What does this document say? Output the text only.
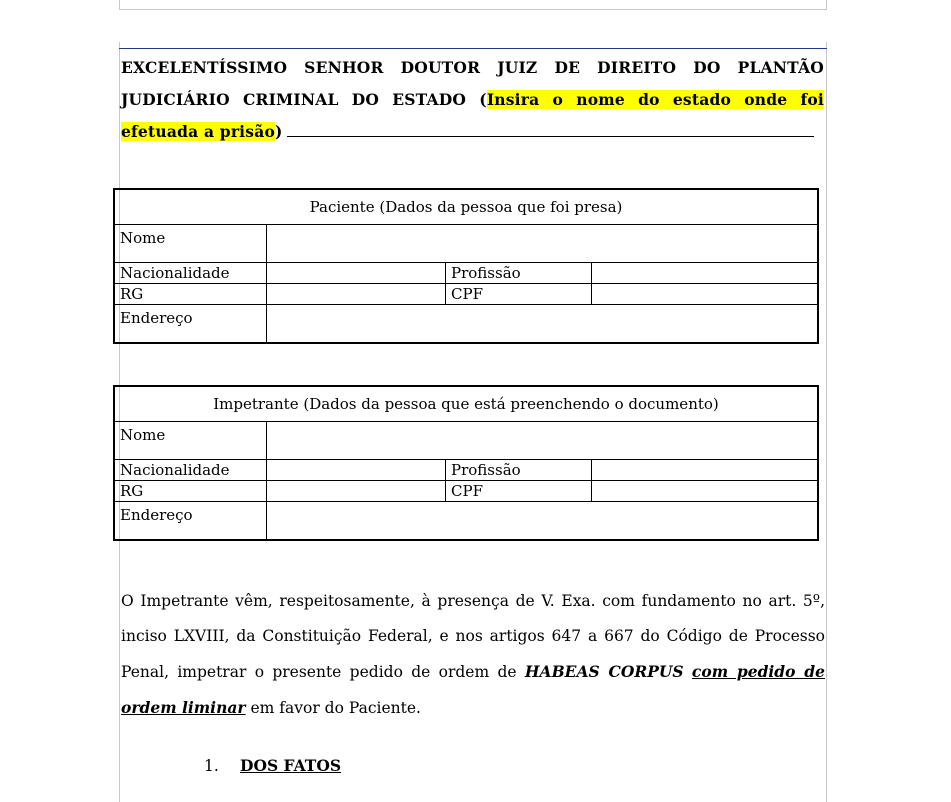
EXCELENTÍSSIMO SENHOR DOUTOR JUIZ DE DIREITO DO PLANTÃO JUDICIÁRIO CRIMINAL DO ESTADO (Insira o nome do estado onde foi
efetuada a prisão)
Paciente (Dados da pessoa que foi presa)			
Nome			
Nacionalidade		Profissão	
RG		CPF	
Endereço			
Impetrante (Dados da pessoa que está preenchendo o documento)			
Nome			
Nacionalidade		Profissão	
RG		CPF	
Endereço			
O Impetrante vêm, respeitosamente, à presença de V. Exa. com fundamento no art. 5º, inciso LXVIII, da Constituição Federal, e nos artigos 647 a 667 do Código de Processo Penal, impetrar o presente pedido de ordem de HABEAS CORPUS com pedido de ordem liminar em favor do Paciente.
1. DOS FATOS
